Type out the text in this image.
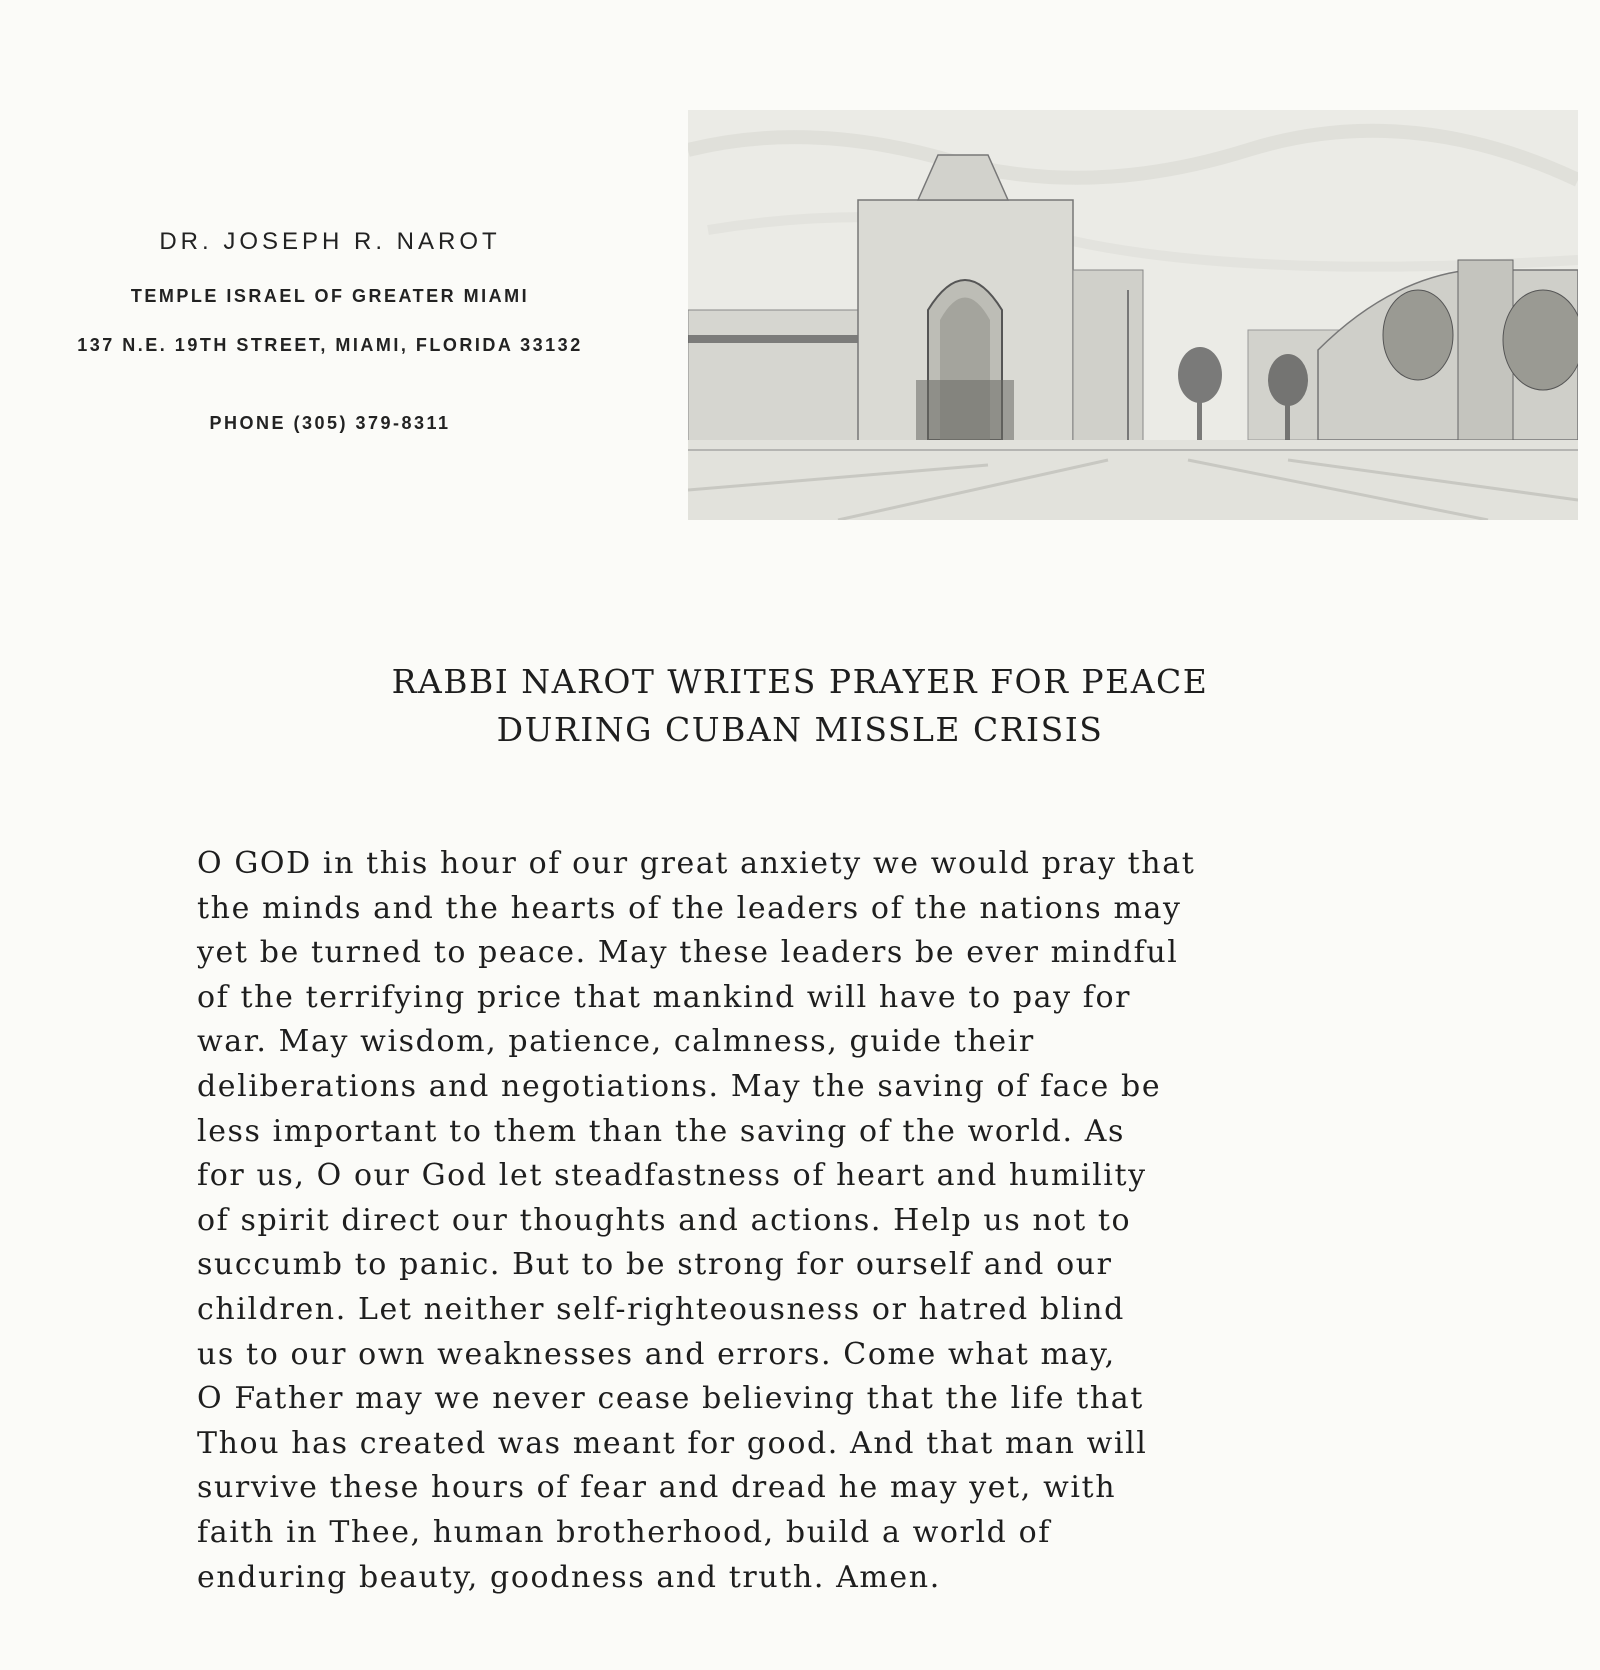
DR. JOSEPH R. NAROT
TEMPLE ISRAEL OF GREATER MIAMI
137 N.E. 19TH STREET, MIAMI, FLORIDA 33132
PHONE (305) 379-8311
RABBI NAROT WRITES PRAYER FOR PEACE
DURING CUBAN MISSLE CRISIS
O GOD in this hour of our great anxiety we would pray that
the minds and the hearts of the leaders of the nations may
yet be turned to peace. May these leaders be ever mindful
of the terrifying price that mankind will have to pay for
war. May wisdom, patience, calmness, guide their
deliberations and negotiations. May the saving of face be
less important to them than the saving of the world. As
for us, O our God let steadfastness of heart and humility
of spirit direct our thoughts and actions. Help us not to
succumb to panic. But to be strong for ourself and our
children. Let neither self-righteousness or hatred blind
us to our own weaknesses and errors. Come what may,
O Father may we never cease believing that the life that
Thou has created was meant for good. And that man will
survive these hours of fear and dread he may yet, with
faith in Thee, human brotherhood, build a world of
enduring beauty, goodness and truth. Amen.
